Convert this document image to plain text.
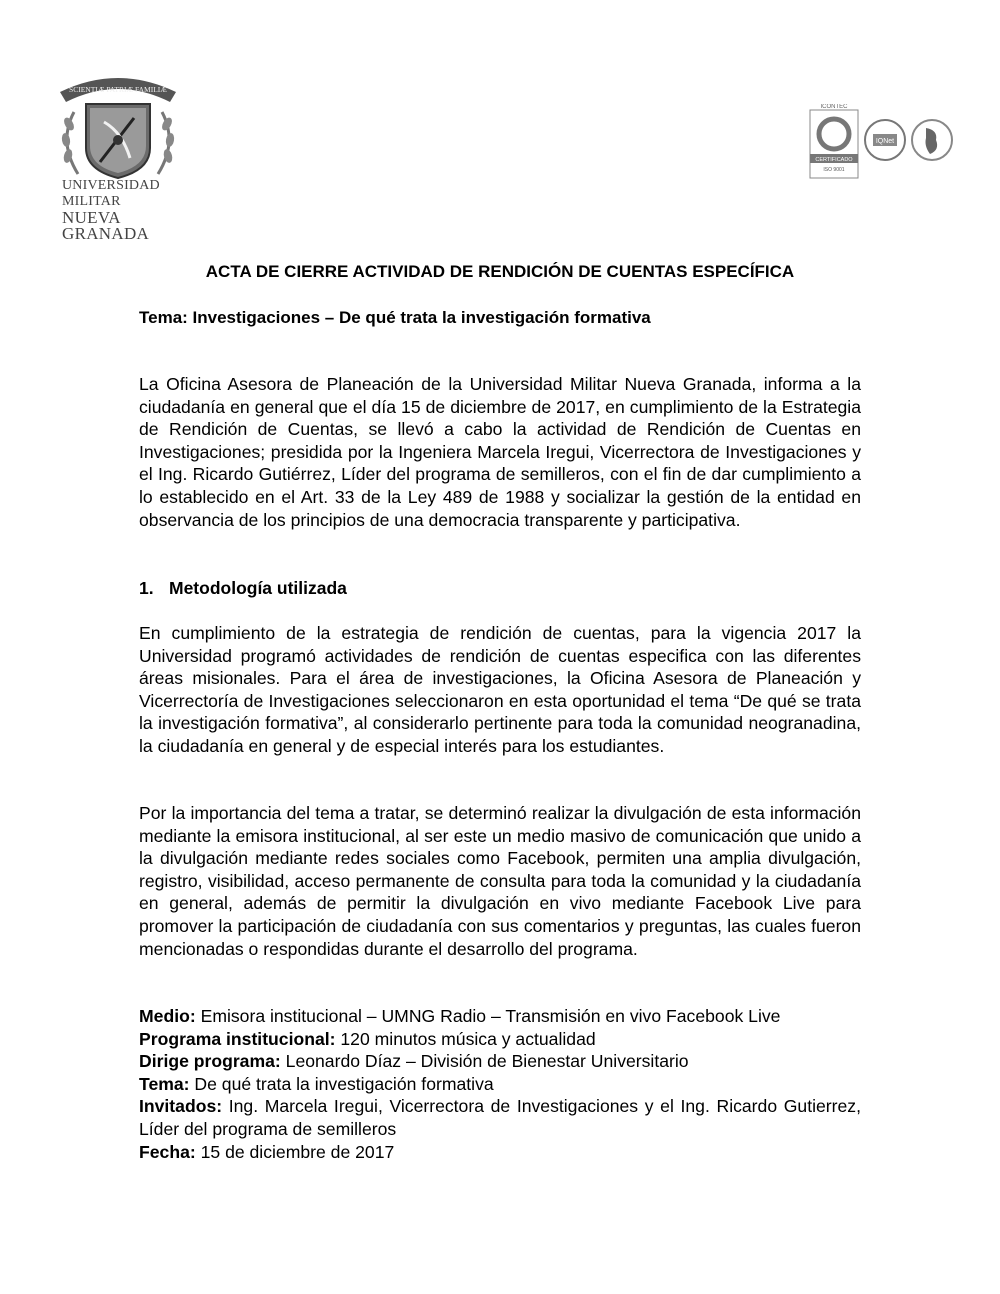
SCIENTIÆ PATRIÆ FAMILIÆ
UNIVERSIDAD MILITAR
NUEVA GRANADA
ICONTEC
CERTIFICADO
ISO 9001
IQNet
ACTA DE CIERRE ACTIVIDAD DE RENDICIÓN DE CUENTAS ESPECÍFICA
Tema: Investigaciones – De qué trata la investigación formativa
La Oficina Asesora de Planeación de la Universidad Militar Nueva Granada, informa a la ciudadanía en general que el día 15 de diciembre de 2017, en cumplimiento de la Estrategia de Rendición de Cuentas, se llevó a cabo la actividad de Rendición de Cuentas en Investigaciones; presidida por la Ingeniera Marcela Iregui, Vicerrectora de Investigaciones y el Ing. Ricardo Gutiérrez, Líder del programa de semilleros, con el fin de dar cumplimiento a lo establecido en el Art. 33 de la Ley 489 de 1988 y socializar la gestión de la entidad en observancia de los principios de una democracia transparente y participativa.
1. Metodología utilizada
En cumplimiento de la estrategia de rendición de cuentas, para la vigencia 2017 la Universidad programó actividades de rendición de cuentas especifica con las diferentes áreas misionales. Para el área de investigaciones, la Oficina Asesora de Planeación y Vicerrectoría de Investigaciones seleccionaron en esta oportunidad el tema “De qué se trata la investigación formativa”, al considerarlo pertinente para toda la comunidad neogranadina, la ciudadanía en general y de especial interés para los estudiantes.
Por la importancia del tema a tratar, se determinó realizar la divulgación de esta información mediante la emisora institucional, al ser este un medio masivo de comunicación que unido a la divulgación mediante redes sociales como Facebook, permiten una amplia divulgación, registro, visibilidad, acceso permanente de consulta para toda la comunidad y la ciudadanía en general, además de permitir la divulgación en vivo mediante Facebook Live para promover la participación de ciudadanía con sus comentarios y preguntas, las cuales fueron mencionadas o respondidas durante el desarrollo del programa.
Medio: Emisora institucional – UMNG Radio – Transmisión en vivo Facebook Live
Programa institucional: 120 minutos música y actualidad
Dirige programa: Leonardo Díaz – División de Bienestar Universitario
Tema: De qué trata la investigación formativa
Invitados: Ing. Marcela Iregui, Vicerrectora de Investigaciones y el Ing. Ricardo Gutierrez, Líder del programa de semilleros
Fecha: 15 de diciembre de 2017
